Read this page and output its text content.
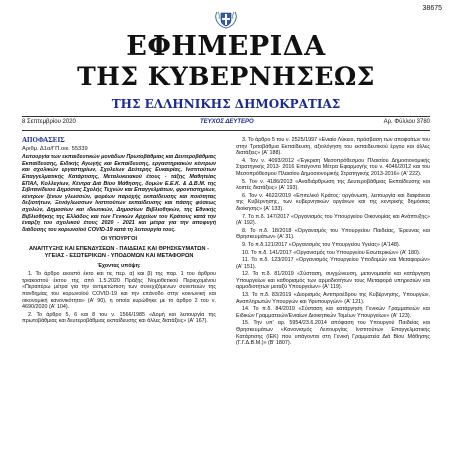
38675
ΕΦΗΜΕΡΙΔΑ
ΤΗΣ ΚΥΒΕΡΝΗΣΕΩΣ
ΤΗΣ ΕΛΛΗΝΙΚΗΣ ΔΗΜΟΚΡΑΤΙΑΣ
8 Σεπτεμβρίου 2020	ΤΕΥΧΟΣ ΔΕΥΤΕΡΟ	Αρ. Φύλλου 3780
ΑΠΟΦΑΣΕΙΣ
Αριθμ. Δ1α/ΓΠ.οικ. 55339
Λειτουργία των εκπαιδευτικών μονάδων Πρωτοβάθμιας και Δευτεροβάθμιας Εκπαίδευσης, Ειδικής Αγωγής και Εκπαίδευσης, εργαστηριακών κέντρων και σχολικών εργαστηρίων, Σχολείων Δεύτερης Ευκαιρίας, Ινστιτούτων Επαγγελματικής Κατάρτισης, Μεταλυκειακού έτους - τάξης Μαθητείας ΕΠΑΛ, Κολλεγίων, Κέντρα Διά Βίου Μάθησης, δομών Ε.Ε.Κ. & Δ.Β.Μ. της Σιβιτανίδειου Δημόσιας Σχολής Τεχνών και Επαγγελμάτων, φροντιστηρίων, κέντρων ξένων γλωσσών, φορέων παροχής εκπαίδευσης και ποιότητας δεξιοτήτων, Ξενόγλωσσων Ινστιτούτων εκπαίδευσης και πάσης φύσεως σχολών, Δημοσίων και ιδιωτικών, Δημοσίων Βιβλιοθηκών, της Εθνικής Βιβλιοθήκης της Ελλάδος και των Γενικών Αρχείων του Κράτους κατά την έναρξη του σχολικού έτους 2020 - 2021 και μέτρα για την αποφυγή διάδοσης του κορωνοϊού COVID-19 κατά τη λειτουργία τους.
ΟΙ ΥΠΟΥΡΓΟΙ
ΑΝΑΠΤΥΞΗΣ ΚΑΙ ΕΠΕΝΔΥΣΕΩΝ - ΠΑΙΔΕΙΑΣ ΚΑΙ ΘΡΗΣΚΕΥΜΑΤΩΝ - ΥΓΕΙΑΣ - ΕΣΩΤΕΡΙΚΩΝ - ΥΠΟΔΟΜΩΝ ΚΑΙ ΜΕΤΑΦΟΡΩΝ
Έχοντας υπόψη:

1. Το άρθρο εικοστό έκτο και τις περ. α) και β) της παρ. 1 του άρθρου τριακοστού έκτου της από 1.5.2020 Πράξης Νομοθετικού Περιεχομένου «Περαιτέρω μέτρα για την αντιμετώπιση των συνεχιζόμενων συνεπειών της πανδημίας του κορωνοϊού COVID-19 και την επάνοδο στην κοινωνική και οικονομική κανονικότητα» (Α' 90), η οποία κυρώθηκε με το άρθρο 2 του ν. 4690/2020 (Α' 104).

2. Το άρθρο 5, 6 και 8 του ν. 1566/1985 «Δομή και λειτουργία της πρωτοβάθμιας και δευτεροβάθμιας εκπαίδευσης και άλλες διατάξεις» (Α' 167).

3. Το άρθρο 5 του ν. 2525/1997 «Ενιαίο Λύκειο, πρόσβαση των αποφοίτων του στην Τριτοβάθμια Εκπαίδευση, αξιολόγηση του εκπαιδευτικού έργου και άλλες διατάξεις» (Α' 188).

4. Τον ν. 4093/2012 «Έγκριση Μεσοπρόθεσμου Πλαισίου Δημοσιονομικής Στρατηγικής 2013- 2016 Επείγοντα Μέτρα Εφαρμογής του ν. 4046/2012 και του Μεσοπρόθεσμου Πλαισίου Δημοσιονομικής Στρατηγικής 2013-2016» (Α' 222).

5. Τον ν. 4186/2013 «Αναδιάρθρωση της Δευτεροβάθμιας Εκπαίδευσης και λοιπές διατάξεις» (Α' 193).

6. Τον ν. 4622/2019 «Επιτελικό Κράτος: οργάνωση, λειτουργία και διαφάνεια της Κυβέρνησης, των κυβερνητικών οργάνων και της κεντρικής δημόσιας διοίκησης» (Α' 133).

7. Το π.δ. 147/2017 «Οργανισμός του Υπουργείου Οικονομίας και Ανάπτυξης» (Α' 192).

8. Το π.δ. 18/2018 «Οργανισμός του Υπουργείου Παιδείας, Έρευνας και Θρησκευμάτων» (Α' 31).

9. Το π.δ.121/2017 «Οργανισμός του Υπουργείου Υγείας» (Α'148).

10. Το π.δ. 141/2017 «Οργανισμός του Υπουργείου Εσωτερικών» (Α' 180).

11. Το π.δ. 123/2017 «Οργανισμός Υπουργείου Υποδομών και Μεταφορών» (Α' 151).

12. Το π.δ. 81/2019 «Σύσταση, συγχώνευση, μετονομασία και κατάργηση Υπουργείων και καθορισμός των αρμοδιοτήτων τους Μεταφορά υπηρεσιών και αρμοδιοτήτων μεταξύ Υπουργείων» (Α' 119).

13. Το π.δ. 83/2019 «Διορισμός Αντιπροέδρου της Κυβέρνησης, Υπουργών, Αναπληρωτών Υπουργών και Υφυπουργών» (Α' 121).

14. Το π.δ. 84/2019 «Σύσταση και κατάργηση Γενικών Γραμματειών και Ειδικών Γραμματειών/Ενιαίων Διοικητικών Τομέων Υπουργείων» (Α' 123).

15. Την υπ' αρ. 5954/23.6.2014 απόφαση του Υπουργού Παιδείας και Θρησκευμάτων «Κανονισμός Λειτουργίας Ινστιτούτων Επαγγελματικής Κατάρτισης (ΙΕΚ) που υπάγονται στη Γενική Γραμματεία Διά Βίου Μάθησης (Γ.Γ.Δ.Β.Μ.)» (Β' 1807).
